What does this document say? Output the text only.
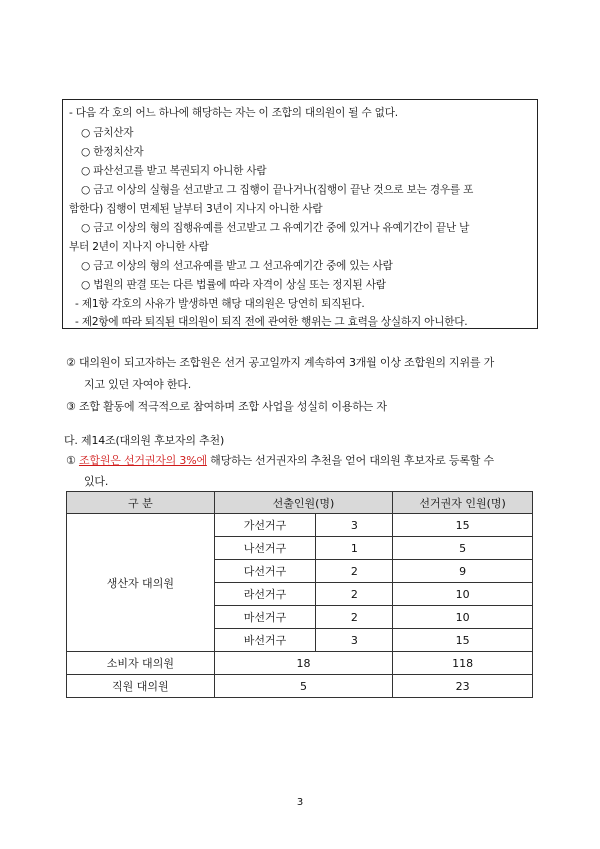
- 다음 각 호의 어느 하나에 해당하는 자는 이 조합의 대의원이 될 수 없다.
○ 금치산자
○ 한정치산자
○ 파산선고를 받고 복권되지 아니한 사람
○ 금고 이상의 실형을 선고받고 그 집행이 끝나거나(집행이 끝난 것으로 보는 경우를 포
함한다) 집행이 면제된 날부터 3년이 지나지 아니한 사람
○ 금고 이상의 형의 집행유예를 선고받고 그 유예기간 중에 있거나 유예기간이 끝난 날
부터 2년이 지나지 아니한 사람
○ 금고 이상의 형의 선고유예를 받고 그 선고유예기간 중에 있는 사람
○ 법원의 판결 또는 다른 법률에 따라 자격이 상실 또는 정지된 사람
- 제1항 각호의 사유가 발생하면 해당 대의원은 당연히 퇴직된다.
- 제2항에 따라 퇴직된 대의원이 퇴직 전에 관여한 행위는 그 효력을 상실하지 아니한다.
② 대의원이 되고자하는 조합원은 선거 공고일까지 계속하여 3개월 이상 조합원의 지위를 가
지고 있던 자여야 한다.
③ 조합 활동에 적극적으로 참여하며 조합 사업을 성실히 이용하는 자
다. 제14조(대의원 후보자의 추천)
① 조합원은 선거권자의 3%에 해당하는 선거권자의 추천을 얻어 대의원 후보자로 등록할 수
있다.
구 분	선출인원(명)		선거권자 인원(명)
생산자 대의원	가선거구	3	15
	나선거구	1	5
	다선거구	2	9
	라선거구	2	10
	마선거구	2	10
	바선거구	3	15
소비자 대의원	18		118
직원 대의원	5		23
3
